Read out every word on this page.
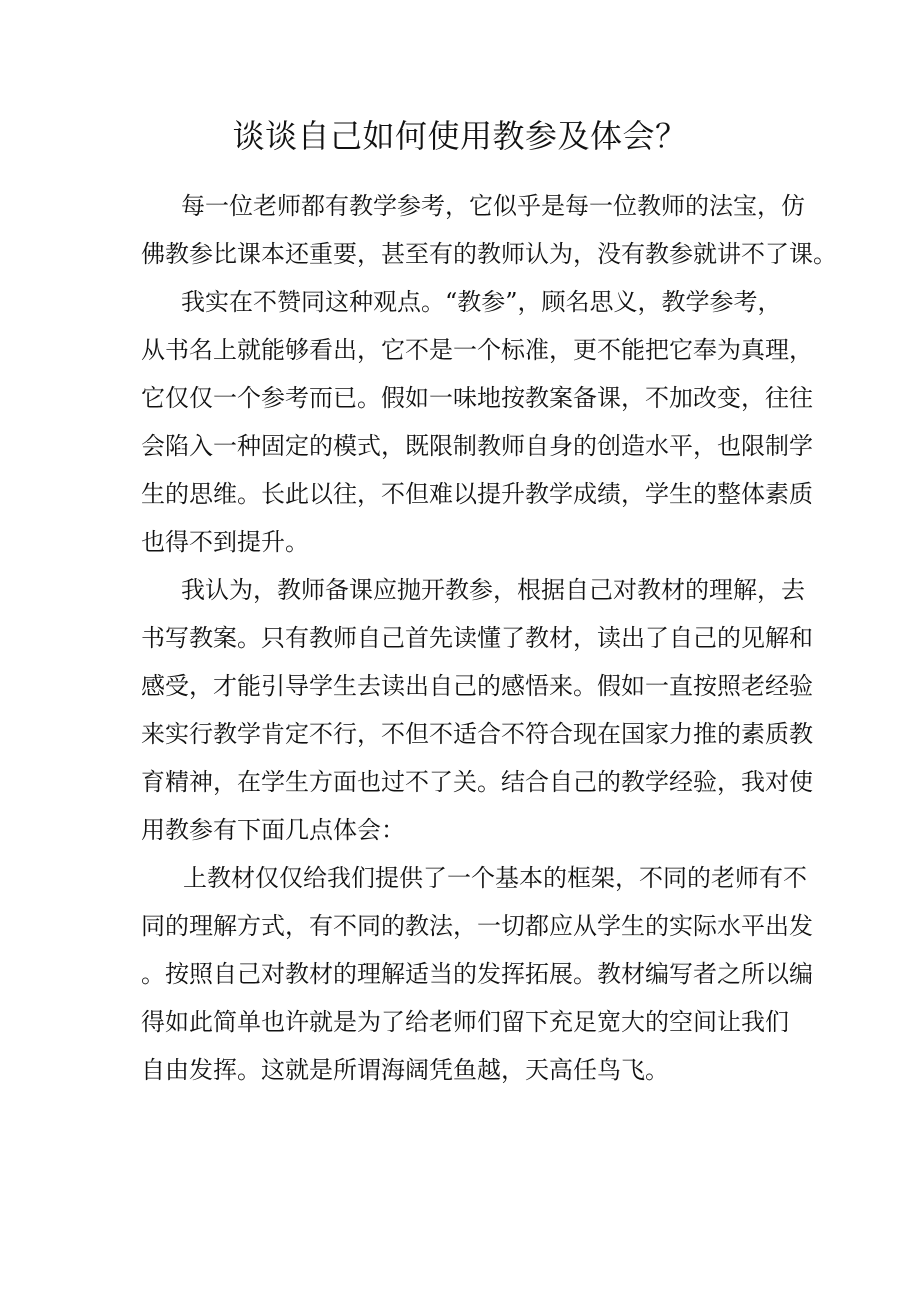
谈谈自己如何使用教参及体会？
每一位老师都有教学参考，它似乎是每一位教师的法宝，仿
佛教参比课本还重要，甚至有的教师认为，没有教参就讲不了课。
我实在不赞同这种观点。“教参”，顾名思义，教学参考，
从书名上就能够看出，它不是一个标准，更不能把它奉为真理，
它仅仅一个参考而已。假如一味地按教案备课，不加改变，往往
会陷入一种固定的模式，既限制教师自身的创造水平，也限制学
生的思维。长此以往，不但难以提升教学成绩，学生的整体素质
也得不到提升。
我认为，教师备课应抛开教参，根据自己对教材的理解，去
书写教案。只有教师自己首先读懂了教材，读出了自己的见解和
感受，才能引导学生去读出自己的感悟来。假如一直按照老经验
来实行教学肯定不行，不但不适合不符合现在国家力推的素质教
育精神，在学生方面也过不了关。结合自己的教学经验，我对使
用教参有下面几点体会：
上教材仅仅给我们提供了一个基本的框架，不同的老师有不
同的理解方式，有不同的教法，一切都应从学生的实际水平出发
。按照自己对教材的理解适当的发挥拓展。教材编写者之所以编
得如此简单也许就是为了给老师们留下充足宽大的空间让我们
自由发挥。这就是所谓海阔凭鱼越，天高任鸟飞。
